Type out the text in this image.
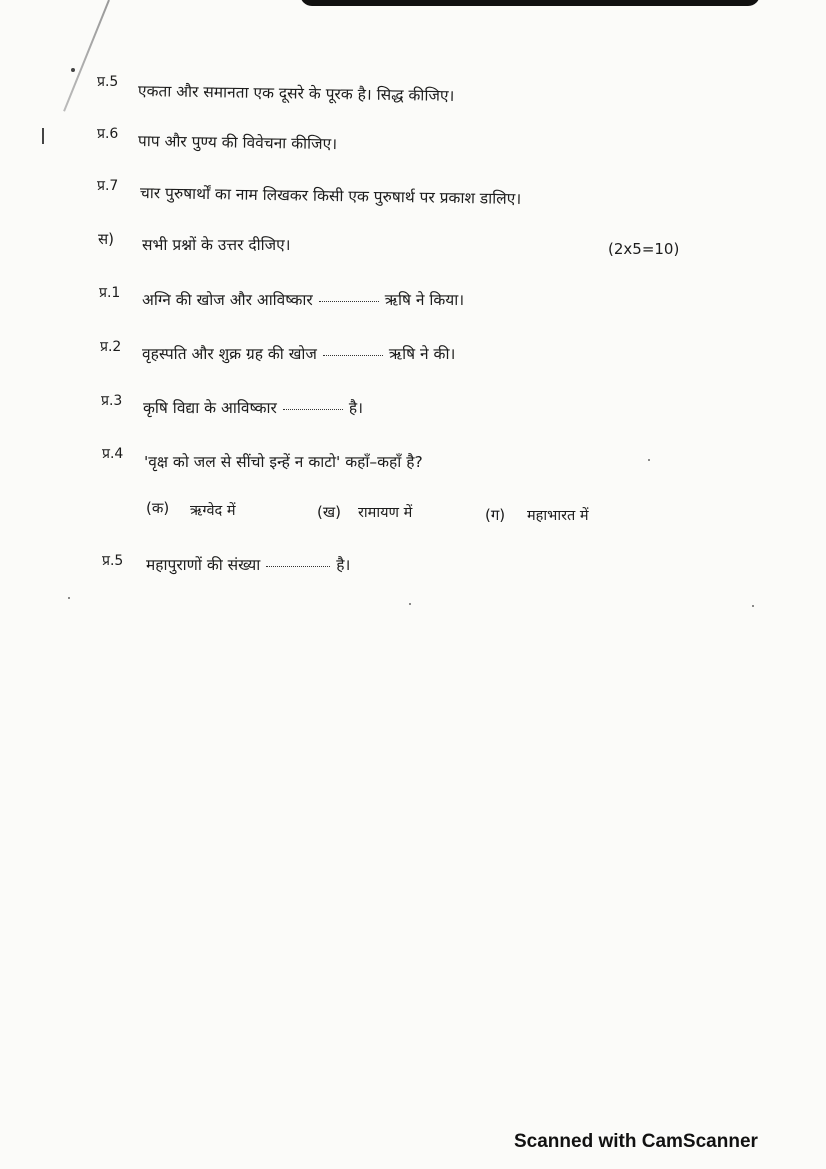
प्र.5
एकता और समानता एक दूसरे के पूरक है। सिद्ध कीजिए।
प्र.6 पाप और पुण्य की विवेचना कीजिए।
प्र.7 चार पुरुषार्थों का नाम लिखकर किसी एक पुरुषार्थ पर प्रकाश डालिए।
स) सभी प्रश्नों के उत्तर दीजिए।	(2x5=10)
प्र.1 अग्नि की खोज और आविष्कार	ऋषि ने किया।
प्र.2 वृहस्पति और शुक्र ग्रह की खोज	ऋषि ने की।
प्र.3 कृषि विद्या के आविष्कार	है।
प्र.4 'वृक्ष को जल से सींचो इन्हें न काटो' कहाँ–कहाँ है?
(क) ऋग्वेद में	(ख) रामायण में	(ग) महाभारत में
प्र.5 महापुराणों की संख्या	है।
Scanned with CamScanner
